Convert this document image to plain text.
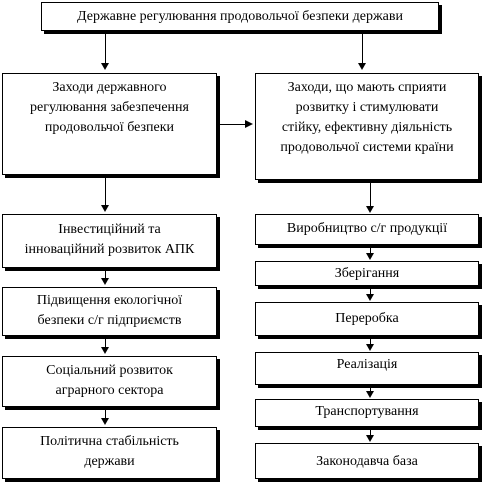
Державне регулювання продовольчої безпеки держави
Заходи державного
регулювання забезпечення
продовольчої безпеки
Заходи, що мають сприяти
розвитку і стимулювати
стійку, ефективну діяльність
продовольчої системи країни
Інвестиційний та
інноваційний розвиток АПК
Підвищення екологічної
безпеки с/г підприємств
Соціальний розвиток
аграрного сектора
Політична стабільність
держави
Виробництво с/г продукції
Зберігання
Переробка
Реалізація
Транспортування
Законодавча база
